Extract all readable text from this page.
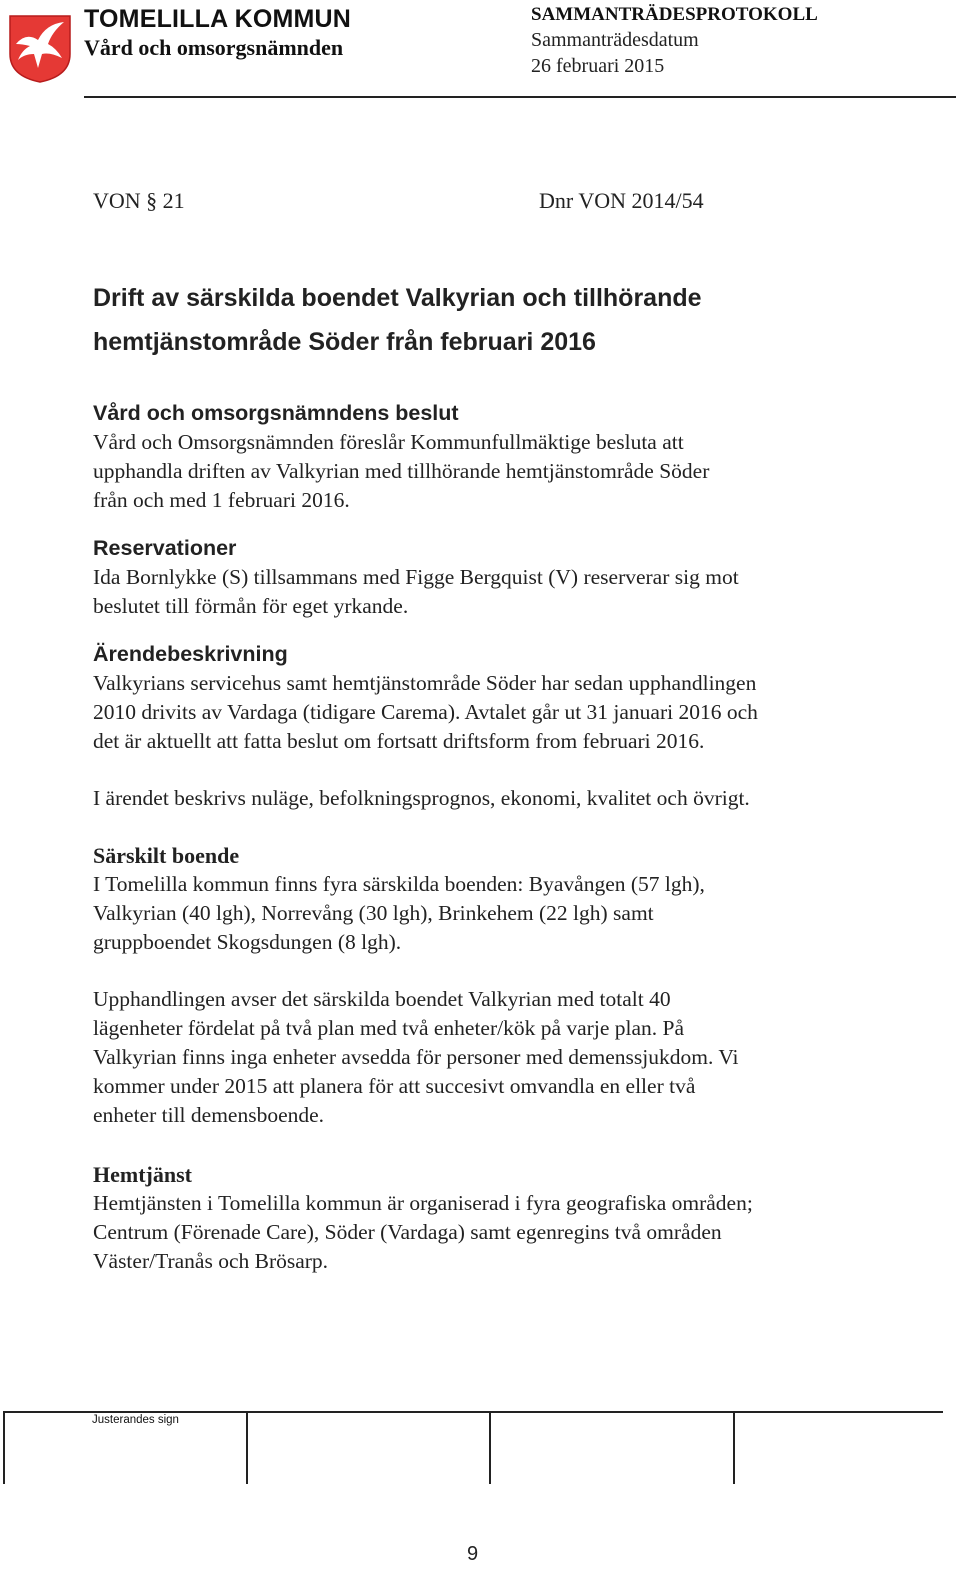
TOMELILLA KOMMUN
Vård och omsorgsnämnden
SAMMANTRÄDESPROTOKOLL
Sammanträdesdatum
26 februari 2015
VON § 21	Dnr VON 2014/54
Drift av särskilda boendet Valkyrian och tillhörande
hemtjänstområde Söder från februari 2016
Vård och omsorgsnämndens beslut

Vård och Omsorgsnämnden föreslår Kommunfullmäktige besluta att

upphandla driften av Valkyrian med tillhörande hemtjänstområde Söder

från och med 1 februari 2016.

Reservationer

Ida Bornlykke (S) tillsammans med Figge Bergquist (V) reserverar sig mot

beslutet till förmån för eget yrkande.

Ärendebeskrivning

Valkyrians servicehus samt hemtjänstområde Söder har sedan upphandlingen

2010 drivits av Vardaga (tidigare Carema). Avtalet går ut 31 januari 2016 och

det är aktuellt att fatta beslut om fortsatt driftsform from februari 2016.

I ärendet beskrivs nuläge, befolkningsprognos, ekonomi, kvalitet och övrigt.

Särskilt boende

I Tomelilla kommun finns fyra särskilda boenden: Byavången (57 lgh),

Valkyrian (40 lgh), Norrevång (30 lgh), Brinkehem (22 lgh) samt

gruppboendet Skogsdungen (8 lgh).

Upphandlingen avser det särskilda boendet Valkyrian med totalt 40

lägenheter fördelat på två plan med två enheter/kök på varje plan. På

Valkyrian finns inga enheter avsedda för personer med demenssjukdom. Vi

kommer under 2015 att planera för att succesivt omvandla en eller två

enheter till demensboende.

Hemtjänst

Hemtjänsten i Tomelilla kommun är organiserad i fyra geografiska områden;

Centrum (Förenade Care), Söder (Vardaga) samt egenregins två områden

Väster/Tranås och Brösarp.

Justerandes sign
9
